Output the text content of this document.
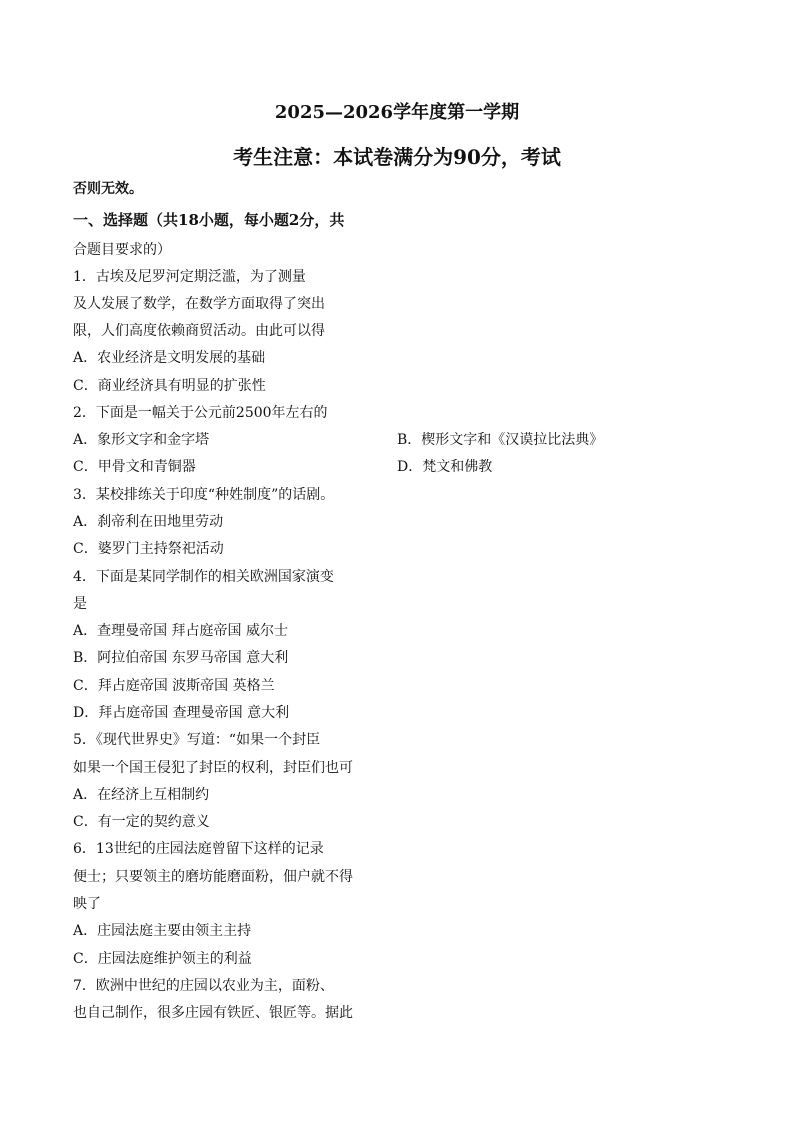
2025—2026学年度第一学期
考生注意：本试卷满分为90分，考试
否则无效。
一、选择题（共18小题，每小题2分，共
合题目要求的）
1．古埃及尼罗河定期泛滥，为了测量
及人发展了数学，在数学方面取得了突出
限，人们高度依赖商贸活动。由此可以得
A．农业经济是文明发展的基础
C．商业经济具有明显的扩张性
2．下面是一幅关于公元前2500年左右的
A．象形文字和金字塔	B．楔形文字和《汉谟拉比法典》
C．甲骨文和青铜器	D．梵文和佛教
3．某校排练关于印度“种姓制度”的话剧。
A．刹帝利在田地里劳动
C．婆罗门主持祭祀活动
4．下面是某同学制作的相关欧洲国家演变
是
A．查理曼帝国 拜占庭帝国 威尔士
B．阿拉伯帝国 东罗马帝国 意大利
C．拜占庭帝国 波斯帝国 英格兰
D．拜占庭帝国 查理曼帝国 意大利
5．《现代世界史》写道：“如果一个封臣
如果一个国王侵犯了封臣的权利，封臣们也可
A．在经济上互相制约
C．有一定的契约意义
6．13世纪的庄园法庭曾留下这样的记录
便士；只要领主的磨坊能磨面粉，佃户就不得
映了
A．庄园法庭主要由领主主持
C．庄园法庭维护领主的利益
7．欧洲中世纪的庄园以农业为主，面粉、
也自己制作，很多庄园有铁匠、银匠等。据此
